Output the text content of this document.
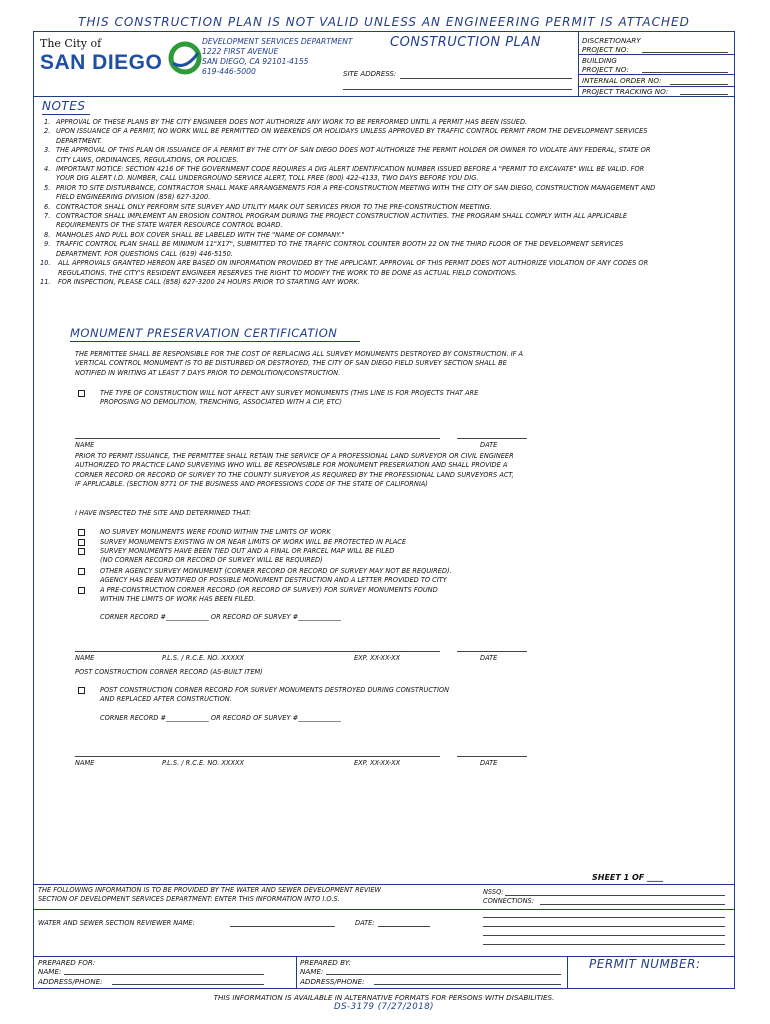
THIS CONSTRUCTION PLAN IS NOT VALID UNLESS AN ENGINEERING PERMIT IS ATTACHED
The City of
SAN DIEGO
DEVELOPMENT SERVICES DEPARTMENT
1222 FIRST AVENUE
SAN DIEGO, CA 92101-4155
619-446-5000
CONSTRUCTION PLAN
SITE ADDRESS:
DISCRETIONARY
PROJECT NO:
BUILDING
PROJECT NO:
INTERNAL ORDER NO:
PROJECT TRACKING NO:
NOTES
1. APPROVAL OF THESE PLANS BY THE CITY ENGINEER DOES NOT AUTHORIZE ANY WORK TO BE PERFORMED UNTIL A PERMIT HAS BEEN ISSUED.
2. UPON ISSUANCE OF A PERMIT, NO WORK WILL BE PERMITTED ON WEEKENDS OR HOLIDAYS UNLESS APPROVED BY TRAFFIC CONTROL PERMIT FROM THE DEVELOPMENT SERVICES DEPARTMENT.
3. THE APPROVAL OF THIS PLAN OR ISSUANCE OF A PERMIT BY THE CITY OF SAN DIEGO DOES NOT AUTHORIZE THE PERMIT HOLDER OR OWNER TO VIOLATE ANY FEDERAL, STATE OR CITY LAWS, ORDINANCES, REGULATIONS, OR POLICIES.
4. IMPORTANT NOTICE: SECTION 4216 OF THE GOVERNMENT CODE REQUIRES A DIG ALERT IDENTIFICATION NUMBER ISSUED BEFORE A "PERMIT TO EXCAVATE" WILL BE VALID. FOR YOUR DIG ALERT I.D. NUMBER, CALL UNDERGROUND SERVICE ALERT, TOLL FREE (800) 422-4133, TWO DAYS BEFORE YOU DIG.
5. PRIOR TO SITE DISTURBANCE, CONTRACTOR SHALL MAKE ARRANGEMENTS FOR A PRE-CONSTRUCTION MEETING WITH THE CITY OF SAN DIEGO, CONSTRUCTION MANAGEMENT AND FIELD ENGINEERING DIVISION (858) 627-3200.
6. CONTRACTOR SHALL ONLY PERFORM SITE SURVEY AND UTILITY MARK OUT SERVICES PRIOR TO THE PRE-CONSTRUCTION MEETING.
7. CONTRACTOR SHALL IMPLEMENT AN EROSION CONTROL PROGRAM DURING THE PROJECT CONSTRUCTION ACTIVITIES. THE PROGRAM SHALL COMPLY WITH ALL APPLICABLE REQUIREMENTS OF THE STATE WATER RESOURCE CONTROL BOARD.
8. MANHOLES AND PULL BOX COVER SHALL BE LABELED WITH THE "NAME OF COMPANY."
9. TRAFFIC CONTROL PLAN SHALL BE MINIMUM 11"X17", SUBMITTED TO THE TRAFFIC CONTROL COUNTER BOOTH 22 ON THE THIRD FLOOR OF THE DEVELOPMENT SERVICES DEPARTMENT. FOR QUESTIONS CALL (619) 446-5150.
10. ALL APPROVALS GRANTED HEREON ARE BASED ON INFORMATION PROVIDED BY THE APPLICANT. APPROVAL OF THIS PERMIT DOES NOT AUTHORIZE VIOLATION OF ANY CODES OR REGULATIONS. THE CITY'S RESIDENT ENGINEER RESERVES THE RIGHT TO MODIFY THE WORK TO BE DONE AS ACTUAL FIELD CONDITIONS.
11. FOR INSPECTION, PLEASE CALL (858) 627-3200 24 HOURS PRIOR TO STARTING ANY WORK.
MONUMENT PRESERVATION CERTIFICATION
THE PERMITTEE SHALL BE RESPONSIBLE FOR THE COST OF REPLACING ALL SURVEY MONUMENTS DESTROYED BY CONSTRUCTION. IF A VERTICAL CONTROL MONUMENT IS TO BE DISTURBED OR DESTROYED, THE CITY OF SAN DIEGO FIELD SURVEY SECTION SHALL BE NOTIFIED IN WRITING AT LEAST 7 DAYS PRIOR TO DEMOLITION/CONSTRUCTION.
THE TYPE OF CONSTRUCTION WILL NOT AFFECT ANY SURVEY MONUMENTS (THIS LINE IS FOR PROJECTS THAT ARE PROPOSING NO DEMOLITION, TRENCHING, ASSOCIATED WITH A CIP, ETC)
NAME	DATE
PRIOR TO PERMIT ISSUANCE, THE PERMITTEE SHALL RETAIN THE SERVICE OF A PROFESSIONAL LAND SURVEYOR OR CIVIL ENGINEER AUTHORIZED TO PRACTICE LAND SURVEYING WHO WILL BE RESPONSIBLE FOR MONUMENT PRESERVATION AND SHALL PROVIDE A CORNER RECORD OR RECORD OF SURVEY TO THE COUNTY SURVEYOR AS REQUIRED BY THE PROFESSIONAL LAND SURVEYORS ACT, IF APPLICABLE. (SECTION 8771 OF THE BUSINESS AND PROFESSIONS CODE OF THE STATE OF CALIFORNIA)
I HAVE INSPECTED THE SITE AND DETERMINED THAT:
NO SURVEY MONUMENTS WERE FOUND WITHIN THE LIMITS OF WORK
SURVEY MONUMENTS EXISTING IN OR NEAR LIMITS OF WORK WILL BE PROTECTED IN PLACE
SURVEY MONUMENTS HAVE BEEN TIED OUT AND A FINAL OR PARCEL MAP WILL BE FILED
(NO CORNER RECORD OR RECORD OF SURVEY WILL BE REQUIRED)
OTHER AGENCY SURVEY MONUMENT (CORNER RECORD OR RECORD OF SURVEY MAY NOT BE REQUIRED).
AGENCY HAS BEEN NOTIFIED OF POSSIBLE MONUMENT DESTRUCTION AND A LETTER PROVIDED TO CITY
A PRE-CONSTRUCTION CORNER RECORD (OR RECORD OF SURVEY) FOR SURVEY MONUMENTS FOUND
WITHIN THE LIMITS OF WORK HAS BEEN FILED.
CORNER RECORD #_____________ OR RECORD OF SURVEY #_____________
NAME	P.L.S. / R.C.E. NO. XXXXX	EXP. XX-XX-XX	DATE
POST CONSTRUCTION CORNER RECORD (AS-BUILT ITEM)
POST CONSTRUCTION CORNER RECORD FOR SURVEY MONUMENTS DESTROYED DURING CONSTRUCTION
AND REPLACED AFTER CONSTRUCTION.
CORNER RECORD #_____________ OR RECORD OF SURVEY #_____________
NAME	P.L.S. / R.C.E. NO. XXXXX	EXP. XX-XX-XX	DATE
SHEET 1 OF ____
THE FOLLOWING INFORMATION IS TO BE PROVIDED BY THE WATER AND SEWER DEVELOPMENT REVIEW
SECTION OF DEVELOPMENT SERVICES DEPARTMENT: ENTER THIS INFORMATION INTO I.O.S.
NSSQ:
CONNECTIONS:
WATER AND SEWER SECTION REVIEWER NAME:	DATE:
PREPARED FOR:
NAME:
ADDRESS/PHONE:
PREPARED BY:
NAME:
ADDRESS/PHONE:
PERMIT NUMBER:
THIS INFORMATION IS AVAILABLE IN ALTERNATIVE FORMATS FOR PERSONS WITH DISABILITIES.
DS-3179 (7/27/2018)
